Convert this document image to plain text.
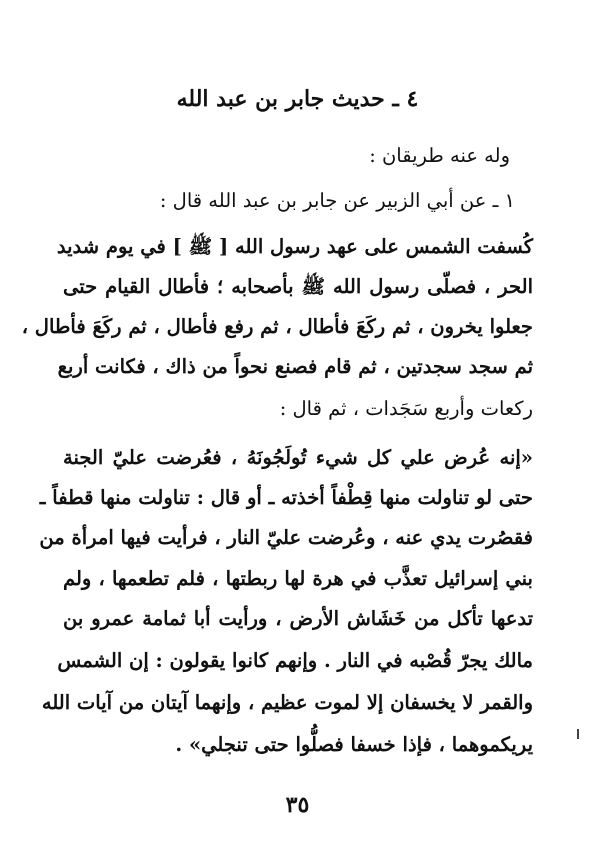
٤ ـ حديث جابر بن عبد الله
وله عنه طريقان :
١ ـ عن أبي الزبير عن جابر بن عبد الله قال :
كُسفت الشمس على عهد رسول الله [ ﷺ ] في يوم شديد
الحر ، فصلّى رسول الله ﷺ بأصحابه ؛ فأطال القيام حتى
جعلوا يخرون ، ثم ركَعَ فأطال ، ثم رفع فأطال ، ثم ركَعَ فأطال ،
ثم سجد سجدتين ، ثم قام فصنع نحواً من ذاك ، فكانت أربع
ركعات وأربع سَجَدات ، ثم قال :
«إنه عُرض علي كل شيء تُولَجُونَهُ ، فعُرضت عليّ الجنة
حتى لو تناولت منها قِطْفاً أخذته ـ أو قال : تناولت منها قطفاً ـ
فقصُرت يدي عنه ، وعُرضت عليّ النار ، فرأيت فيها امرأة من
بني إسرائيل تعذَّب في هرة لها ربطتها ، فلم تطعمها ، ولم
تدعها تأكل من خَشَاش الأرض ، ورأيت أبا ثمامة عمرو بن
مالك يجرّ قُصْبه في النار . وإنهم كانوا يقولون : إن الشمس
والقمر لا يخسفان إلا لموت عظيم ، وإنهما آيتان من آيات الله
يريكموهما ، فإذا خسفا فصلُّوا حتى تنجلي» .
٣٥
